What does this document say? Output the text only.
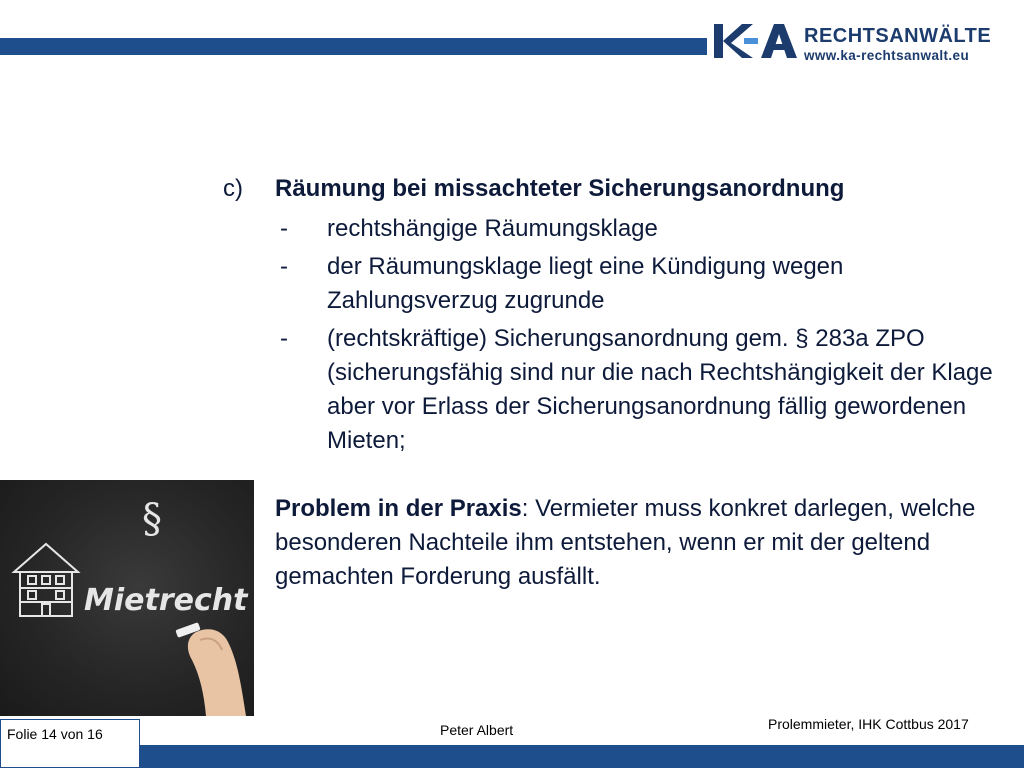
RECHTSANWÄLTE
www.ka-rechtsanwalt.eu
c) Räumung bei missachteter Sicherungsanordnung
- rechtshängige Räumungsklage
- der Räumungsklage liegt eine Kündigung wegen Zahlungsverzug zugrunde
- (rechtskräftige) Sicherungsanordnung gem. § 283a ZPO (sicherungsfähig sind nur die nach Rechtshängigkeit der Klage aber vor Erlass der Sicherungsanordnung fällig gewordenen Mieten;
Problem in der Praxis: Vermieter muss konkret darlegen, welche besonderen Nachteile ihm entstehen, wenn er mit der geltend gemachten Forderung ausfällt.
§
Mietrecht
Folie 14 von 16	Peter Albert	Prolemmieter, IHK Cottbus 2017
